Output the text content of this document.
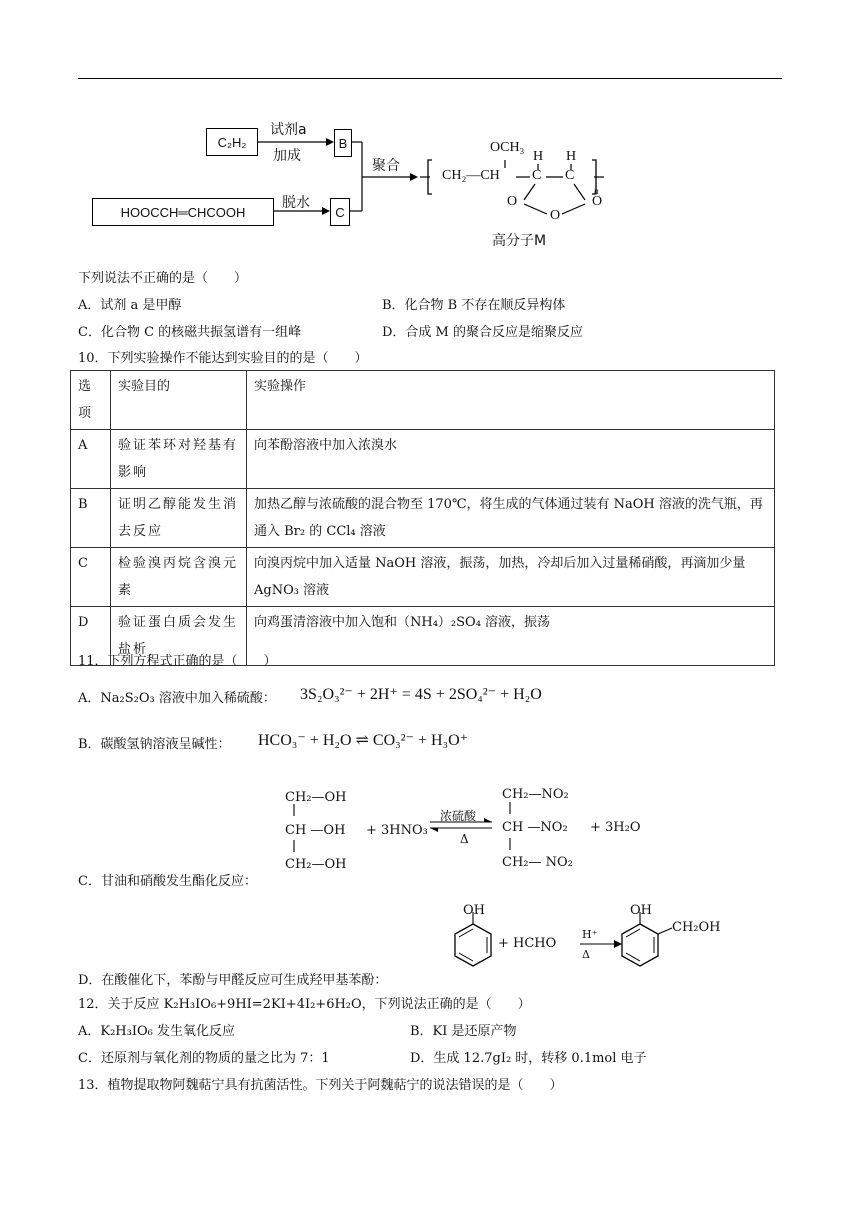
C₂H₂
试剂a
加成
B
HOOCCH═CHCOOH
脱水
C
聚合
OCH₃
CH₂—CH
H H
C C
O	O
O
n
高分子M
下列说法不正确的是（　　）
A．试剂 a 是甲醇	B．化合物 B 不存在顺反异构体
C．化合物 C 的核磁共振氢谱有一组峰	D．合成 M 的聚合反应是缩聚反应
10．下列实验操作不能达到实验目的的是（　　）
选项	实验目的	实验操作
A	验证苯环对羟基有影响	向苯酚溶液中加入浓溴水
B	证明乙醇能发生消去反应	加热乙醇与浓硫酸的混合物至 170℃，将生成的气体通过装有 NaOH 溶液的洗气瓶，再通入 Br₂ 的 CCl₄ 溶液
C	检验溴丙烷含溴元素	向溴丙烷中加入适量 NaOH 溶液，振荡，加热，冷却后加入过量稀硝酸，再滴加少量 AgNO₃ 溶液
D	验证蛋白质会发生盐析	向鸡蛋清溶液中加入饱和（NH₄）₂SO₄ 溶液，振荡
11．下列方程式正确的是（　　）
A．Na₂S₂O₃ 溶液中加入稀硫酸： 3S₂O₃²⁻ + 2H⁺ = 4S + 2SO₄²⁻ + H₂O
B．碳酸氢钠溶液呈碱性： HCO₃⁻ + H₂O ⇌ CO₃²⁻ + H₃O⁺
CH₂—OH
CH —OH
CH₂—OH
+ 3HNO₃
浓硫酸
Δ
CH₂—NO₂
CH —NO₂
CH₂— NO₂
+ 3H₂O
C．甘油和硝酸发生酯化反应：
OH
+ HCHO
H⁺
Δ
OH
CH₂OH
D．在酸催化下，苯酚与甲醛反应可生成羟甲基苯酚：
12．关于反应 K₂H₃IO₆+9HI=2KI+4I₂+6H₂O，下列说法正确的是（　　）
A．K₂H₃IO₆ 发生氧化反应	B．KI 是还原产物
C．还原剂与氧化剂的物质的量之比为 7：1	D．生成 12.7gI₂ 时，转移 0.1mol 电子
13．植物提取物阿魏萜宁具有抗菌活性。下列关于阿魏萜宁的说法错误的是（　　）
